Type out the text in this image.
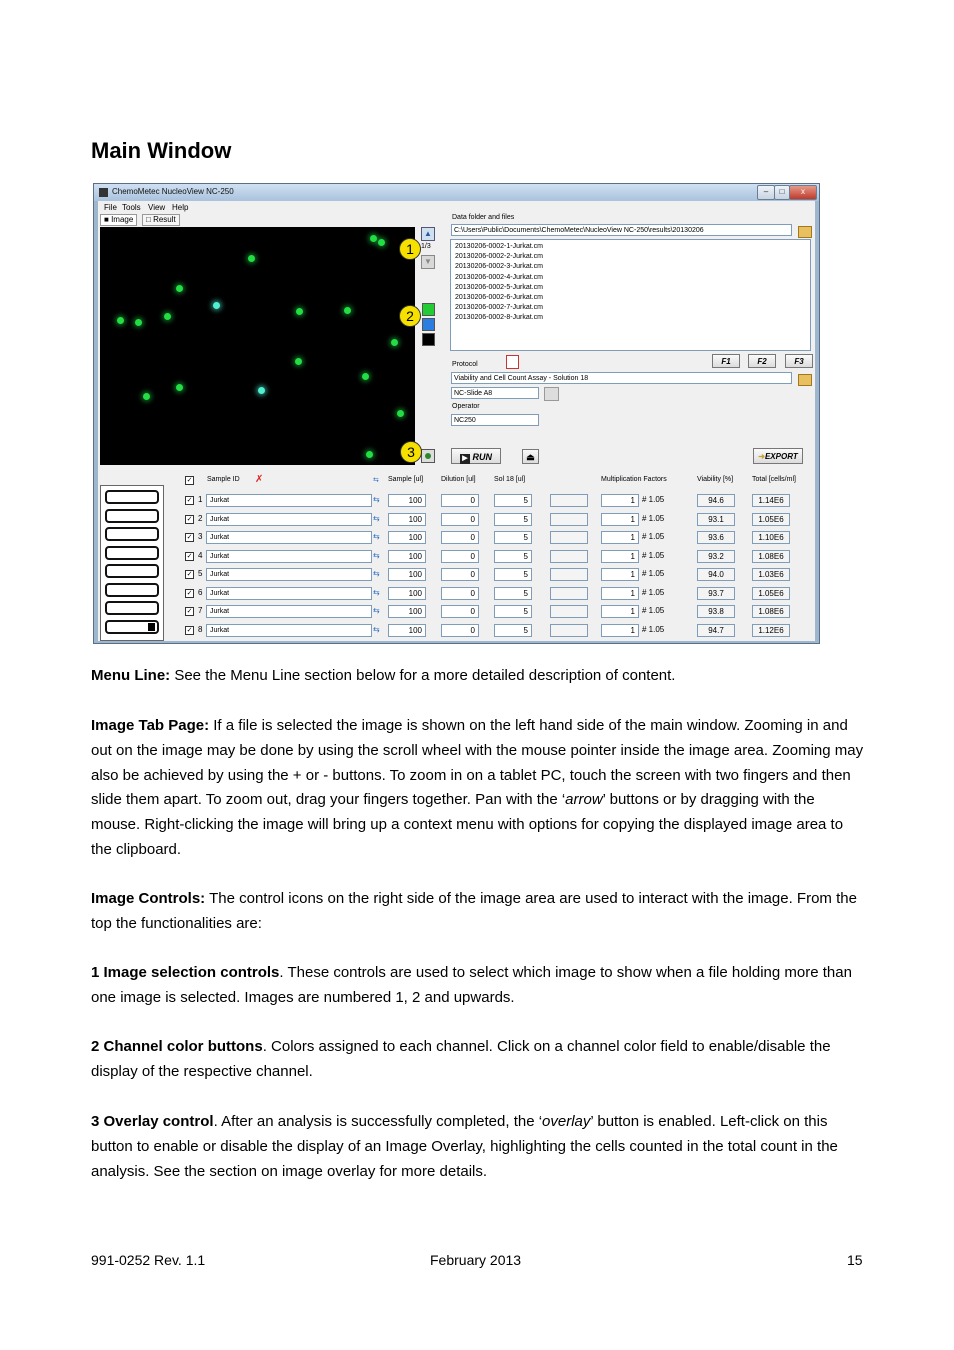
Main Window
ChemoMetec NucleoView NC-250	–	□	x
File Tools View Help
■ Image	□ Result
▲
1/3
▼
1
2
3
Data folder and files
C:\Users\Public\Documents\ChemoMetec\NucleoView NC-250\results\20130206
20130206-0002-1-Jurkat.cm
20130206-0002-2-Jurkat.cm
20130206-0002-3-Jurkat.cm
20130206-0002-4-Jurkat.cm
20130206-0002-5-Jurkat.cm
20130206-0002-6-Jurkat.cm
20130206-0002-7-Jurkat.cm
20130206-0002-8-Jurkat.cm
Protocol	F1	F2	F3
Viability and Cell Count Assay - Solution 18
NC-Slide A8
Operator
NC250
▶ RUN	⏏	➜EXPORT
✓ Sample ID ✗	⇆ Sample [ul]	Dilution [ul]	Sol 18 [ul]	Multiplication Factors	Viability [%]	Total [cells/ml]
✓ 1	Jurkat	⇆	100	0	5	1 # 1.05	94.6	1.14E6
✓ 2	Jurkat	⇆	100	0	5	1 # 1.05	93.1	1.05E6
✓ 3	Jurkat	⇆	100	0	5	1 # 1.05	93.6	1.10E6
✓ 4	Jurkat	⇆	100	0	5	1 # 1.05	93.2	1.08E6
✓ 5	Jurkat	⇆	100	0	5	1 # 1.05	94.0	1.03E6
✓ 6	Jurkat	⇆	100	0	5	1 # 1.05	93.7	1.05E6
✓ 7	Jurkat	⇆	100	0	5	1 # 1.05	93.8	1.08E6
✓ 8	Jurkat	⇆	100	0	5	1 # 1.05	94.7	1.12E6
Menu Line: See the Menu Line section below for a more detailed description of content.
Image Tab Page: If a file is selected the image is shown on the left hand side of the main window. Zooming in and out on the image may be done by using the scroll wheel with the mouse pointer inside the image area. Zooming may also be achieved by using the + or - buttons. To zoom in on a tablet PC, touch the screen with two fingers and then slide them apart. To zoom out, drag your fingers together. Pan with the ‘arrow’ buttons or by dragging with the mouse. Right-clicking the image will bring up a context menu with options for copying the displayed image area to the clipboard.
Image Controls: The control icons on the right side of the image area are used to interact with the image. From the top the functionalities are:
1 Image selection controls. These controls are used to select which image to show when a file holding more than one image is selected. Images are numbered 1, 2 and upwards.
2 Channel color buttons. Colors assigned to each channel. Click on a channel color field to enable/disable the display of the respective channel.
3 Overlay control. After an analysis is successfully completed, the ‘overlay’ button is enabled. Left-click on this button to enable or disable the display of an Image Overlay, highlighting the cells counted in the total count in the analysis. See the section on image overlay for more details.
991-0252 Rev. 1.1	February 2013	15
